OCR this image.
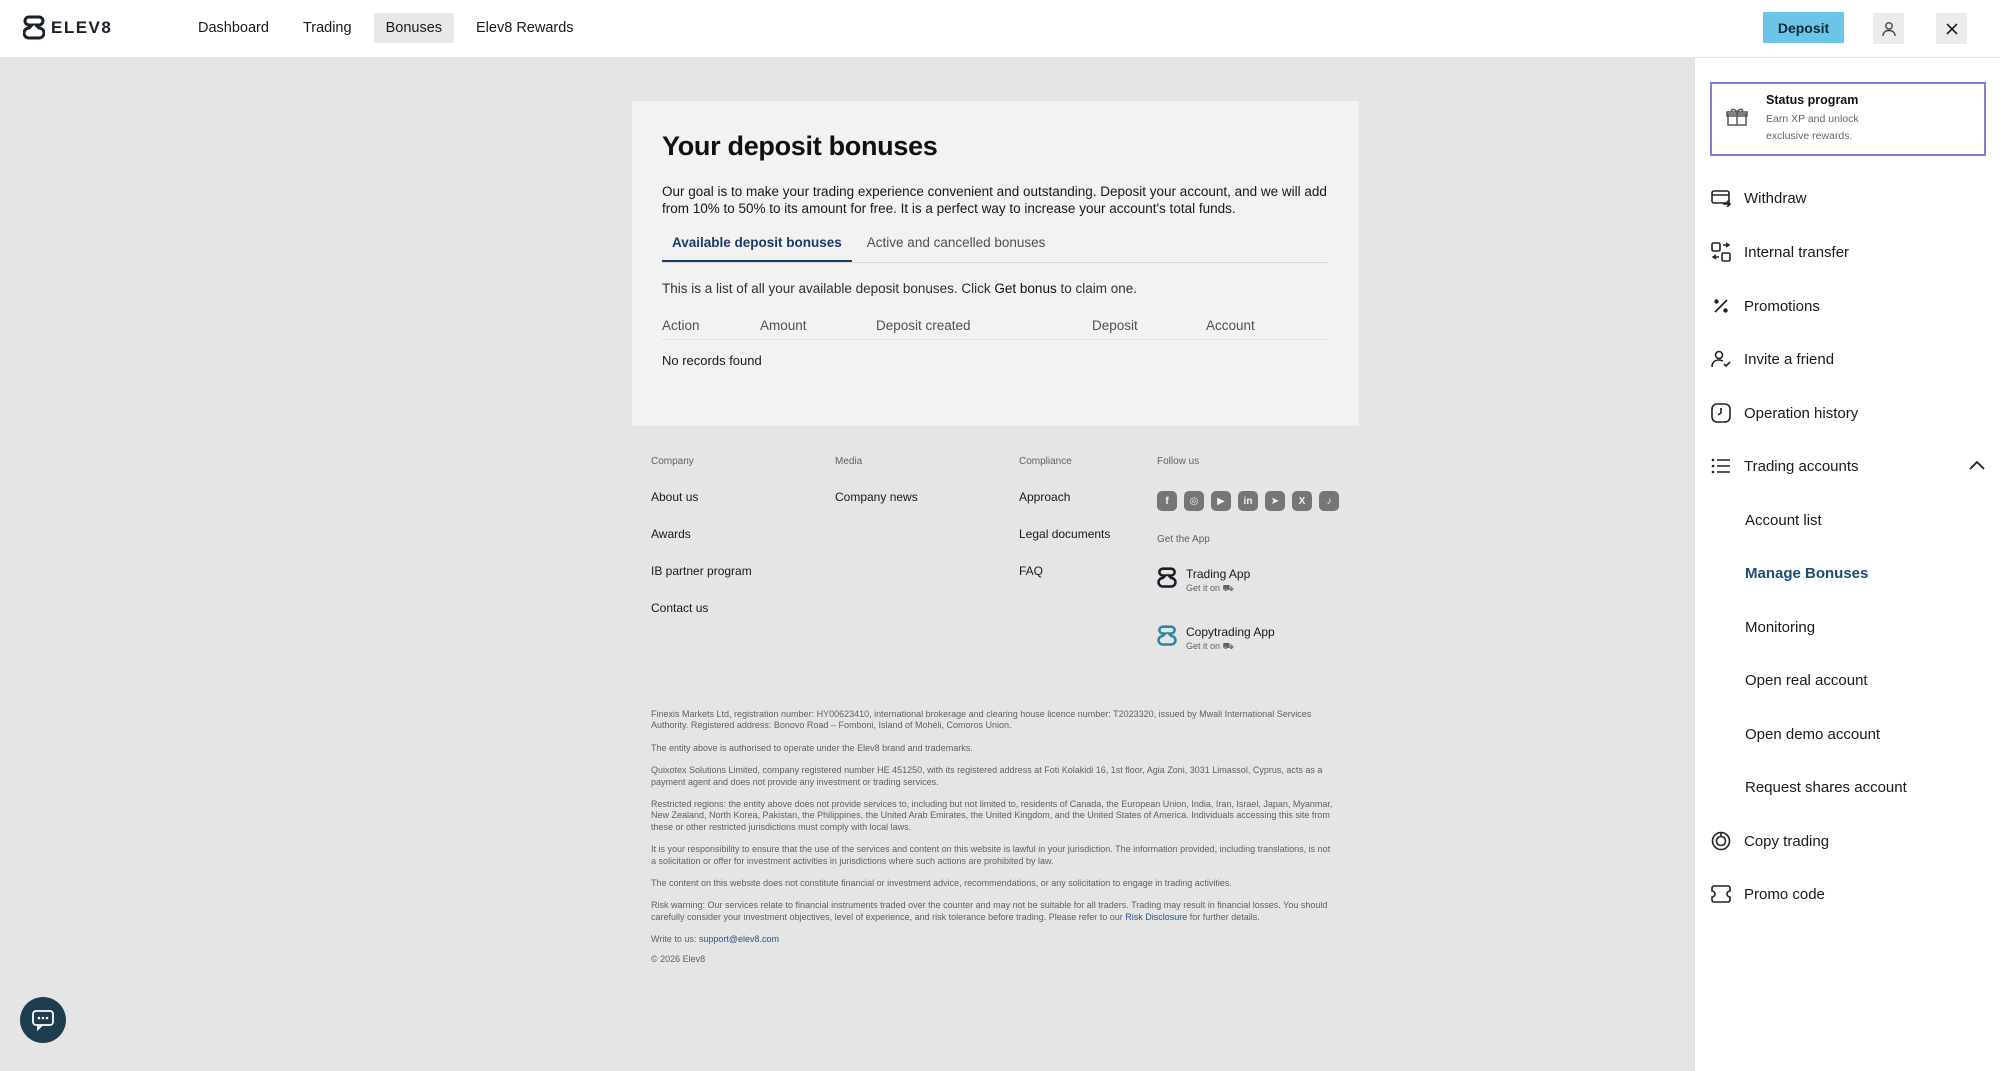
ELEV8	Dashboard	Trading	Bonuses	Elev8 Rewards	Deposit
Your deposit bonuses

Our goal is to make your trading experience convenient and outstanding. Deposit your account, and we will add from 10% to 50% to its amount for free. It is a perfect way to increase your account's total funds.

Available deposit bonuses	Active and cancelled bonuses

This is a list of all your available deposit bonuses. Click Get bonus to claim one.

Action	Amount	Deposit created	Deposit	Account

No records found

Company
About us
Awards
IB partner program
Contact us
Media
Company news
Compliance
Approach
Legal documents
FAQ
Follow us
f	◎	▶	in	➤	X	♪
Get the App
Trading App
Get it on ⛟
Copytrading App
Get it on ⛟

Finexis Markets Ltd, registration number: HY00623410, international brokerage and clearing house licence number: T2023320, issued by Mwali International Services Authority. Registered address: Bonovo Road – Fomboni, Island of Mohéli, Comoros Union.

The entity above is authorised to operate under the Elev8 brand and trademarks.

Quixotex Solutions Limited, company registered number HE 451250, with its registered address at Foti Kolakidi 16, 1st floor, Agia Zoni, 3031 Limassol, Cyprus, acts as a payment agent and does not provide any investment or trading services.

Restricted regions: the entity above does not provide services to, including but not limited to, residents of Canada, the European Union, India, Iran, Israel, Japan, Myanmar, New Zealand, North Korea, Pakistan, the Philippines, the United Arab Emirates, the United Kingdom, and the United States of America. Individuals accessing this site from these or other restricted jurisdictions must comply with local laws.

It is your responsibility to ensure that the use of the services and content on this website is lawful in your jurisdiction. The information provided, including translations, is not a solicitation or offer for investment activities in jurisdictions where such actions are prohibited by law.

The content on this website does not constitute financial or investment advice, recommendations, or any solicitation to engage in trading activities.

Risk warning: Our services relate to financial instruments traded over the counter and may not be suitable for all traders. Trading may result in financial losses. You should carefully consider your investment objectives, level of experience, and risk tolerance before trading. Please refer to our Risk Disclosure for further details.

Write to us: support@elev8.com

© 2026 Elev8

Status program
Earn XP and unlock exclusive rewards.
Withdraw
Internal transfer
Promotions
Invite a friend
Operation history
Trading accounts
Account list
Manage Bonuses
Monitoring
Open real account
Open demo account
Request shares account
Copy trading
Promo code
